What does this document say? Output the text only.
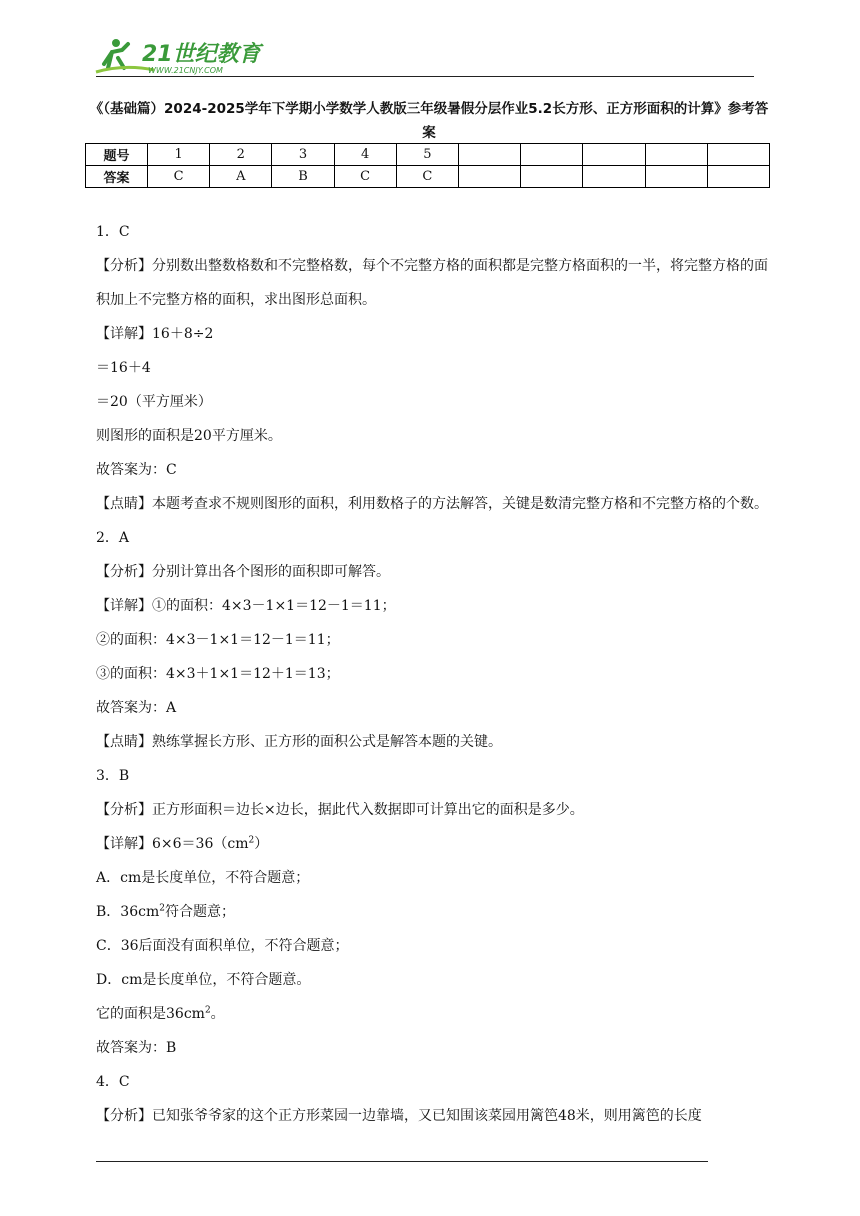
21世纪教育
WWW.21CNJY.COM
《（基础篇）2024-2025学年下学期小学数学人教版三年级暑假分层作业5.2长方形、正方形面积的计算》参考答案
题号	1	2	3	4	5					
答案	C	A	B	C	C					

1．C

【分析】分别数出整数格数和不完整格数，每个不完整方格的面积都是完整方格面积的一半，将完整方格的面积加上不完整方格的面积，求出图形总面积。

【详解】16＋8÷2

＝16＋4

＝20（平方厘米）

则图形的面积是20平方厘米。

故答案为：C

【点睛】本题考查求不规则图形的面积，利用数格子的方法解答，关键是数清完整方格和不完整方格的个数。

2．A

【分析】分别计算出各个图形的面积即可解答。

【详解】①的面积：4×3－1×1＝12－1＝11；

②的面积：4×3－1×1＝12－1＝11；

③的面积：4×3＋1×1＝12＋1＝13；

故答案为：A

【点睛】熟练掌握长方形、正方形的面积公式是解答本题的关键。

3．B

【分析】正方形面积＝边长×边长，据此代入数据即可计算出它的面积是多少。

【详解】$6\times 6=36(cm^2)$

A．cm是长度单位，不符合题意；

B．$36cm^2$符合题意；

C．36后面没有面积单位，不符合题意；

D．cm是长度单位，不符合题意。

它的面积是$36cm^2$。

故答案为：B

4．C

【分析】已知张爷爷家的这个正方形菜园一边靠墙，又已知围该菜园用篱笆48米，则用篱笆的长度
